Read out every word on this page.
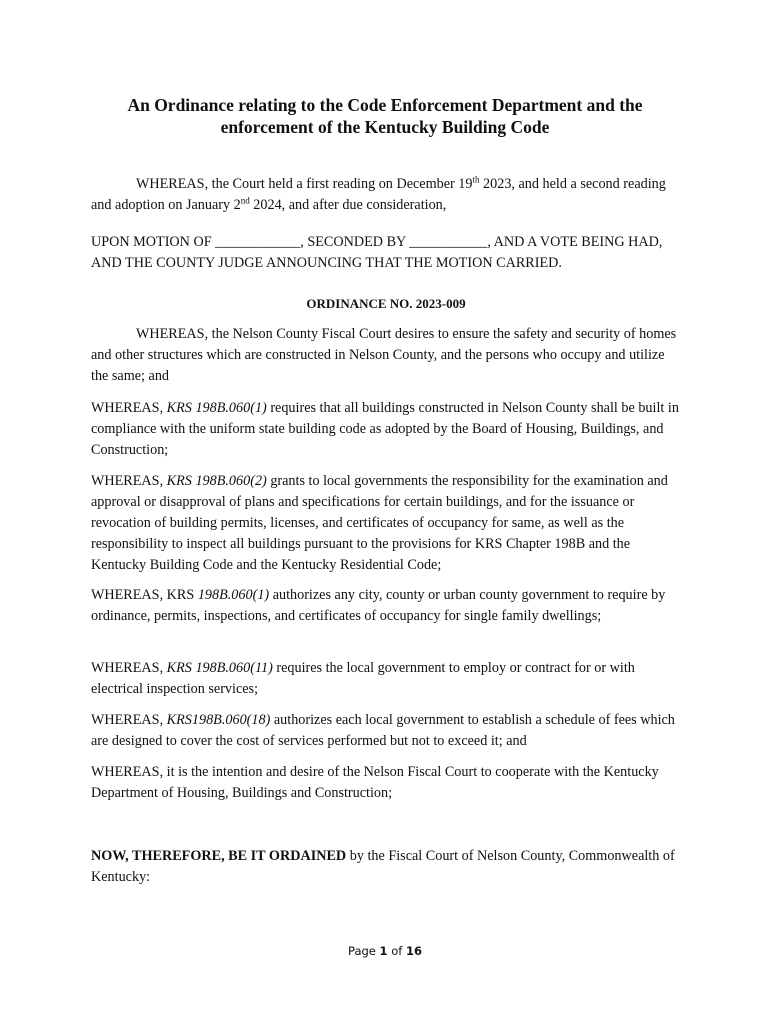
An Ordinance relating to the Code Enforcement Department and the
enforcement of the Kentucky Building Code

WHEREAS, the Court held a first reading on December 19th 2023, and held a second reading and adoption on January 2nd 2024, and after due consideration,

UPON MOTION OF ____________, SECONDED BY ___________, AND A VOTE BEING HAD, AND THE COUNTY JUDGE ANNOUNCING THAT THE MOTION CARRIED.

ORDINANCE NO. 2023-009

WHEREAS, the Nelson County Fiscal Court desires to ensure the safety and security of homes and other structures which are constructed in Nelson County, and the persons who occupy and utilize the same; and

WHEREAS, KRS 198B.060(1) requires that all buildings constructed in Nelson County shall be built in compliance with the uniform state building code as adopted by the Board of Housing, Buildings, and Construction;

WHEREAS, KRS 198B.060(2) grants to local governments the responsibility for the examination and approval or disapproval of plans and specifications for certain buildings, and for the issuance or revocation of building permits, licenses, and certificates of occupancy for same, as well as the responsibility to inspect all buildings pursuant to the provisions for KRS Chapter 198B and the Kentucky Building Code and the Kentucky Residential Code;

WHEREAS, KRS 198B.060(1) authorizes any city, county or urban county government to require by ordinance, permits, inspections, and certificates of occupancy for single family dwellings;

WHEREAS, KRS 198B.060(11) requires the local government to employ or contract for or with electrical inspection services;

WHEREAS, KRS198B.060(18) authorizes each local government to establish a schedule of fees which are designed to cover the cost of services performed but not to exceed it; and

WHEREAS, it is the intention and desire of the Nelson Fiscal Court to cooperate with the Kentucky Department of Housing, Buildings and Construction;

NOW, THEREFORE, BE IT ORDAINED by the Fiscal Court of Nelson County, Commonwealth of Kentucky:

Page 1 of 16
